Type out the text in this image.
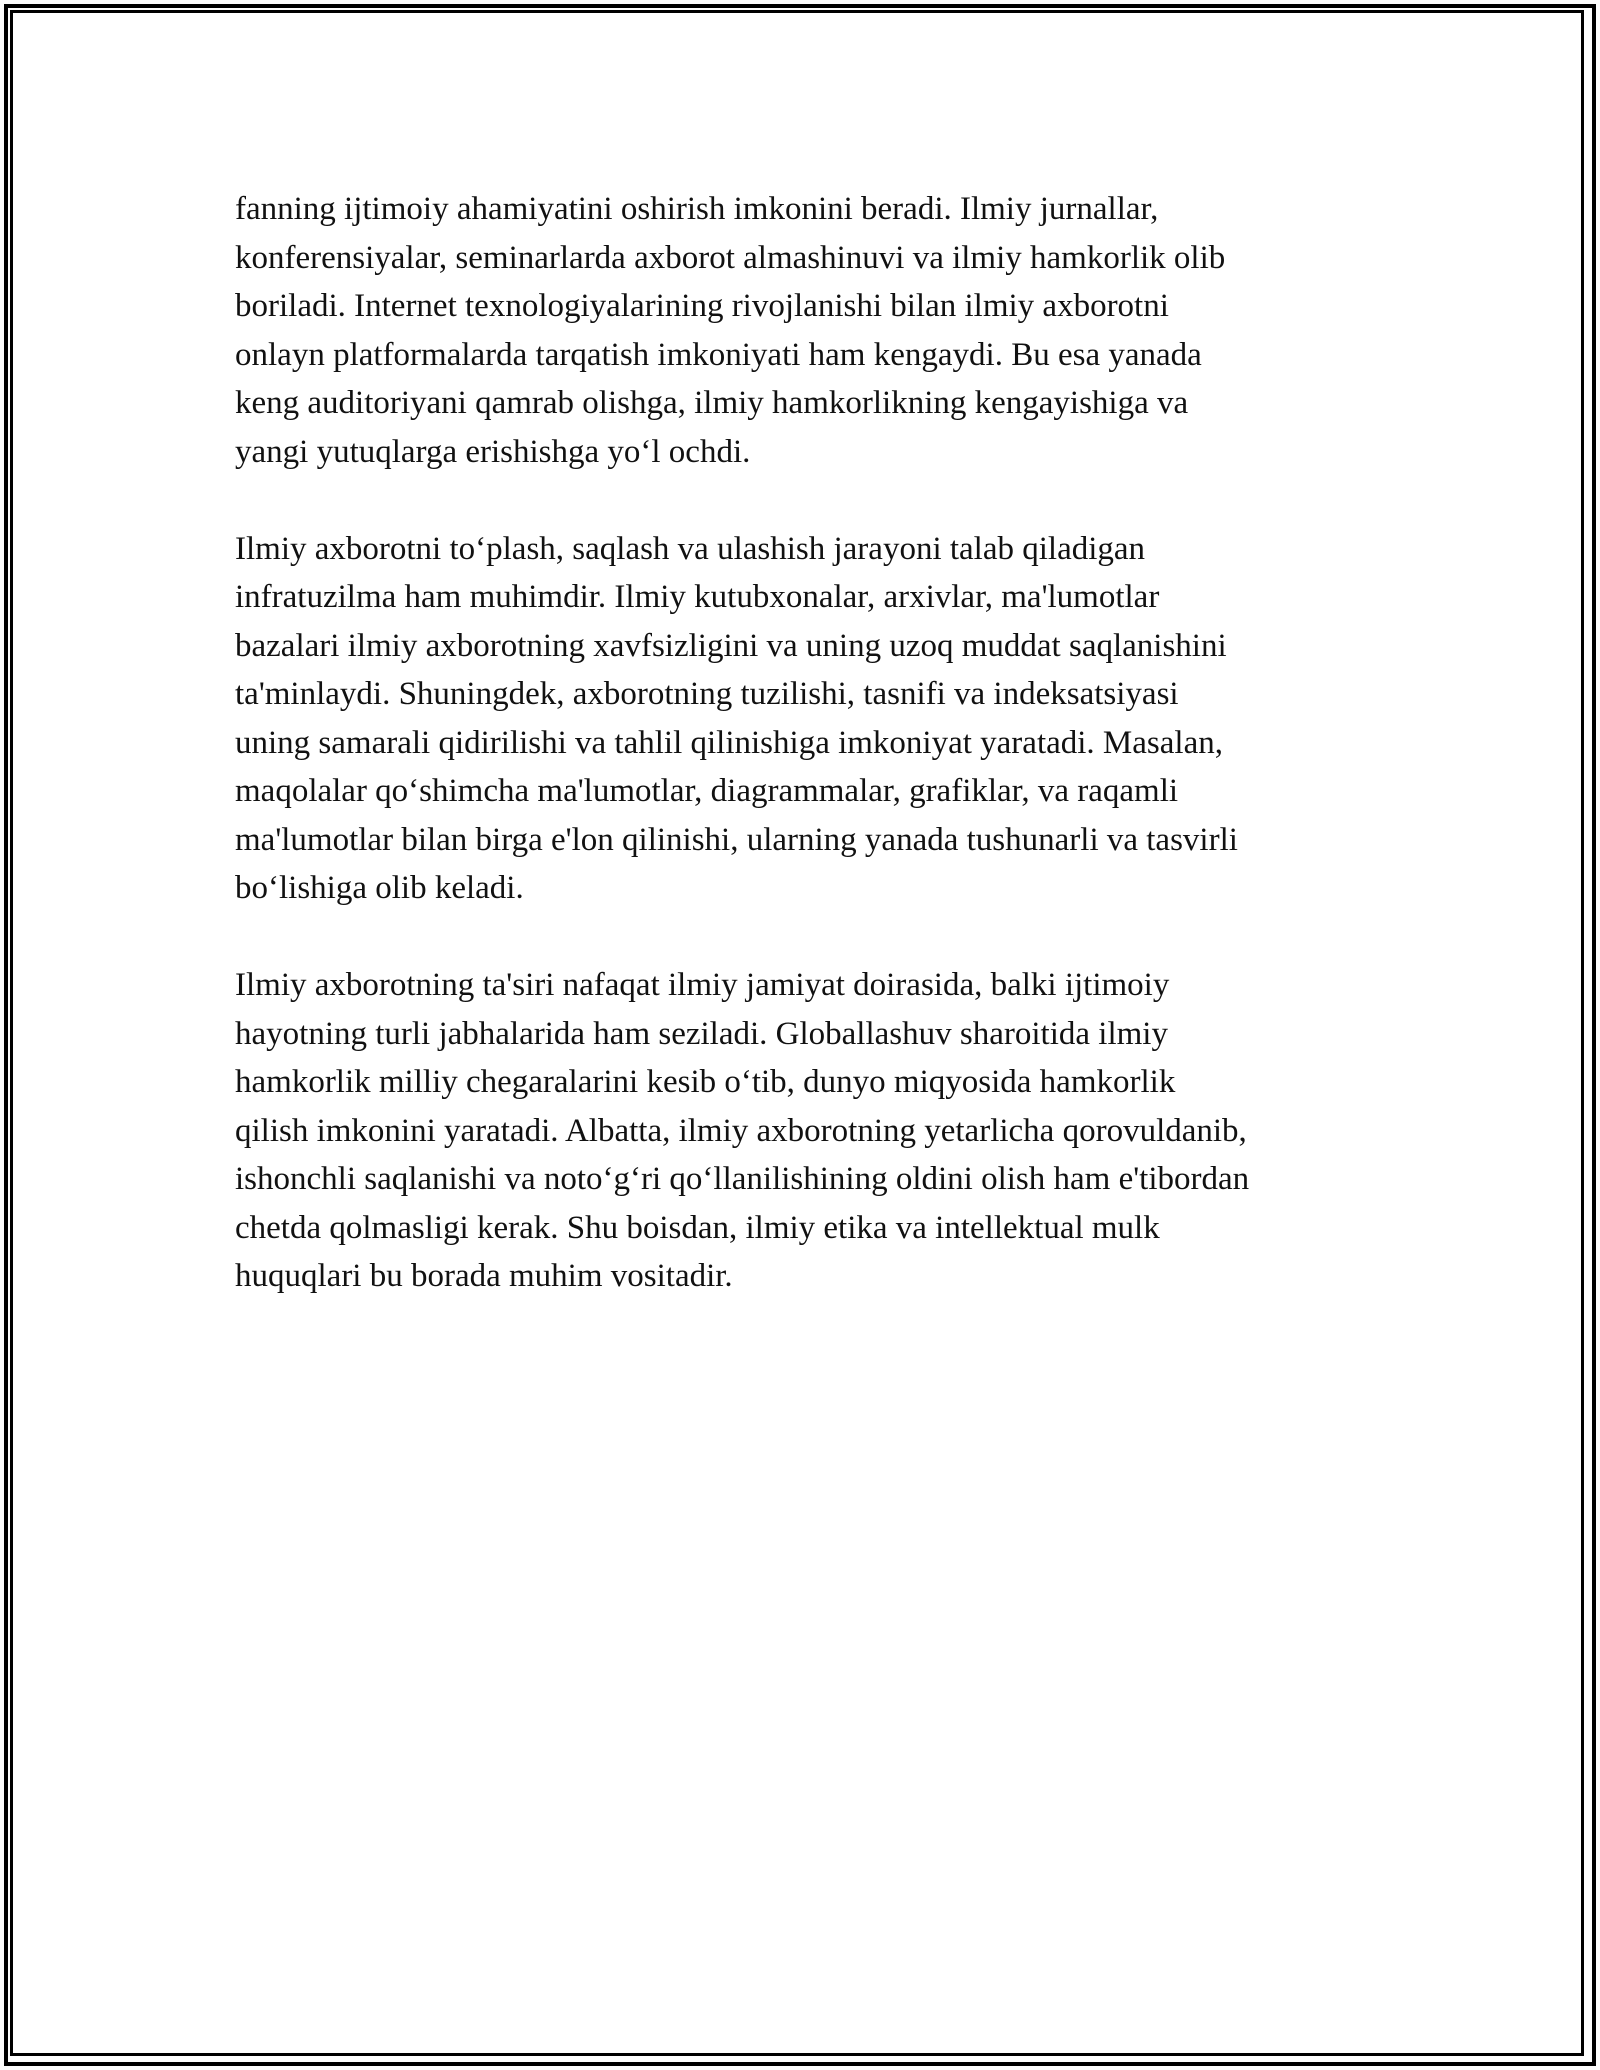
fanning ijtimoiy ahamiyatini oshirish imkonini beradi. Ilmiy jurnallar,
konferensiyalar, seminarlarda axborot almashinuvi va ilmiy hamkorlik olib
boriladi. Internet texnologiyalarining rivojlanishi bilan ilmiy axborotni
onlayn platformalarda tarqatish imkoniyati ham kengaydi. Bu esa yanada
keng auditoriyani qamrab olishga, ilmiy hamkorlikning kengayishiga va
yangi yutuqlarga erishishga yo‘l ochdi.

Ilmiy axborotni to‘plash, saqlash va ulashish jarayoni talab qiladigan
infratuzilma ham muhimdir. Ilmiy kutubxonalar, arxivlar, ma'lumotlar
bazalari ilmiy axborotning xavfsizligini va uning uzoq muddat saqlanishini
ta'minlaydi. Shuningdek, axborotning tuzilishi, tasnifi va indeksatsiyasi
uning samarali qidirilishi va tahlil qilinishiga imkoniyat yaratadi. Masalan,
maqolalar qo‘shimcha ma'lumotlar, diagrammalar, grafiklar, va raqamli
ma'lumotlar bilan birga e'lon qilinishi, ularning yanada tushunarli va tasvirli
bo‘lishiga olib keladi.

Ilmiy axborotning ta'siri nafaqat ilmiy jamiyat doirasida, balki ijtimoiy
hayotning turli jabhalarida ham seziladi. Globallashuv sharoitida ilmiy
hamkorlik milliy chegaralarini kesib o‘tib, dunyo miqyosida hamkorlik
qilish imkonini yaratadi. Albatta, ilmiy axborotning yetarlicha qorovuldanib,
ishonchli saqlanishi va noto‘g‘ri qo‘llanilishining oldini olish ham e'tibordan
chetda qolmasligi kerak. Shu boisdan, ilmiy etika va intellektual mulk
huquqlari bu borada muhim vositadir.
